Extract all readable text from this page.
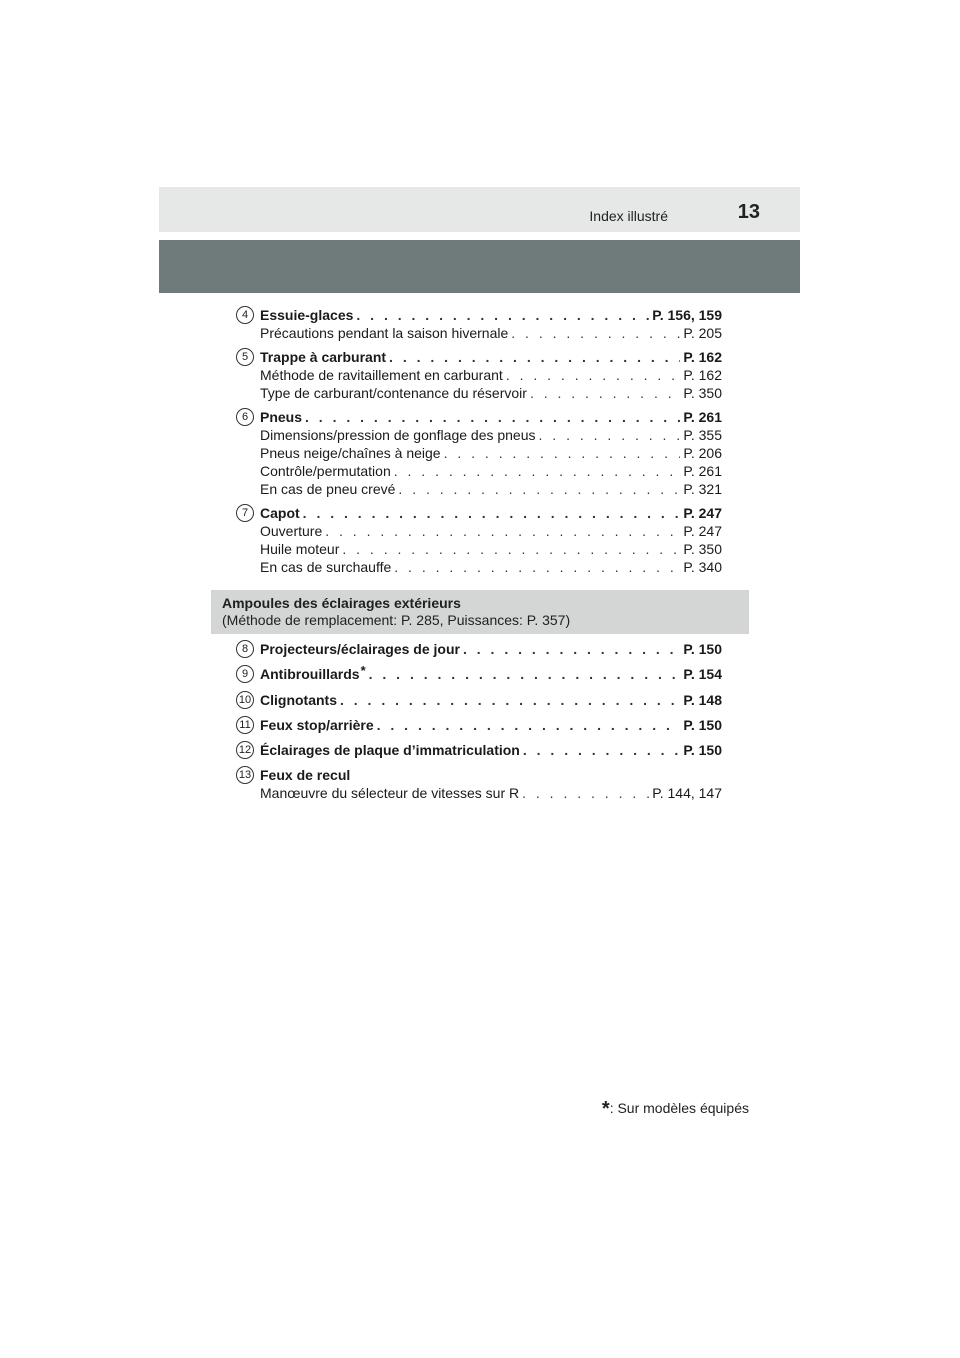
Index illustré	13
4 Essuie-glaces . . .	P. 156, 159
Précautions pendant la saison hivernale . . .	P. 205
5 Trappe à carburant . . .	P. 162
Méthode de ravitaillement en carburant . . .	P. 162
Type de carburant/contenance du réservoir . . .	P. 350
6 Pneus . . .	P. 261
Dimensions/pression de gonflage des pneus . . .	P. 355
Pneus neige/chaînes à neige . . .	P. 206
Contrôle/permutation . . .	P. 261
En cas de pneu crevé . . .	P. 321
7 Capot . . .	P. 247
Ouverture . . .	P. 247
Huile moteur . . .	P. 350
En cas de surchauffe . . .	P. 340
Ampoules des éclairages extérieurs
(Méthode de remplacement: P. 285, Puissances: P. 357)
8 Projecteurs/éclairages de jour . . .	P. 150
9 Antibrouillards * . . .	P. 154
10 Clignotants . . .	P. 148
11 Feux stop/arrière . . .	P. 150
12 Éclairages de plaque d’immatriculation . . .	P. 150
13 Feux de recul
Manœuvre du sélecteur de vitesses sur R . . .	P. 144, 147
*: Sur modèles équipés
